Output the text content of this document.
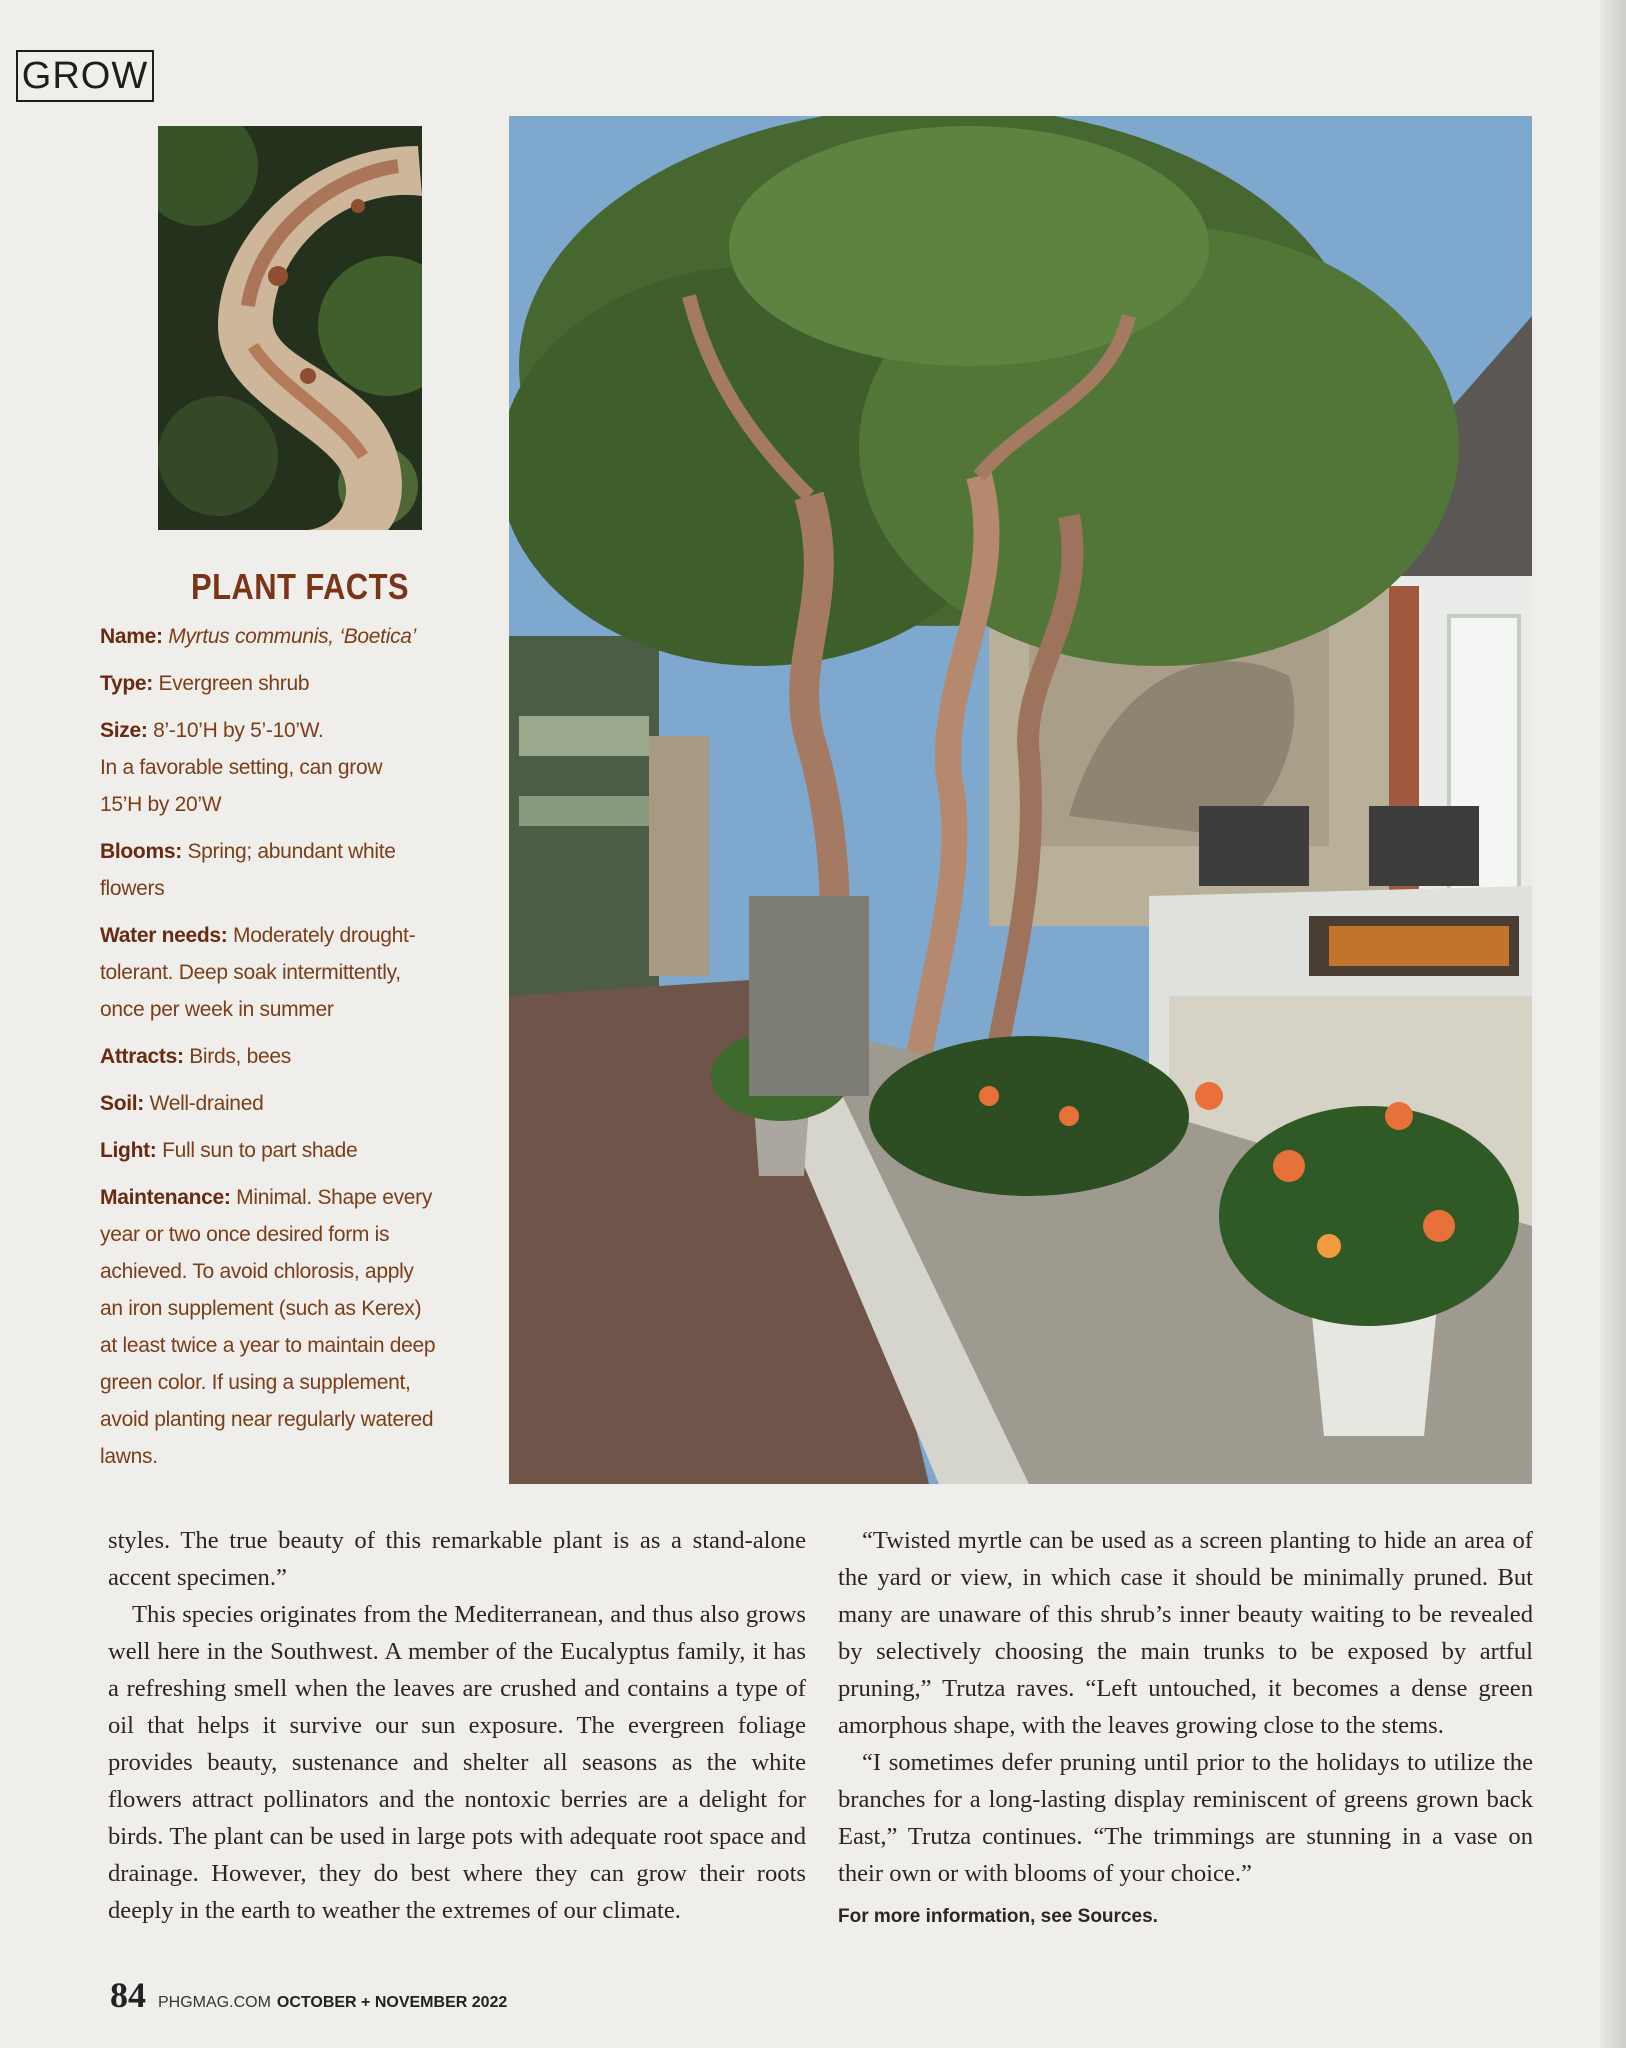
GROW
PLANT FACTS
Name: Myrtus communis, ‘Boetica’
Type: Evergreen shrub
Size: 8’-10’H by 5’-10’W.
In a favorable setting, can grow
15’H by 20’W
Blooms: Spring; abundant white
flowers
Water needs: Moderately drought-
tolerant. Deep soak intermittently,
once per week in summer
Attracts: Birds, bees
Soil: Well-drained
Light: Full sun to part shade
Maintenance: Minimal. Shape every
year or two once desired form is
achieved. To avoid chlorosis, apply
an iron supplement (such as Kerex)
at least twice a year to maintain deep
green color. If using a supplement,
avoid planting near regularly watered
lawns.

styles. The true beauty of this remarkable plant is as a stand-alone accent specimen.”

This species originates from the Mediterranean, and thus also grows well here in the Southwest. A member of the Eucalyptus family, it has a refreshing smell when the leaves are crushed and contains a type of oil that helps it survive our sun exposure. The evergreen foliage provides beauty, sustenance and shelter all seasons as the white flowers attract pollinators and the nontoxic berries are a delight for birds. The plant can be used in large pots with adequate root space and drainage. However, they do best where they can grow their roots deeply in the earth to weather the extremes of our climate.

“Twisted myrtle can be used as a screen planting to hide an area of the yard or view, in which case it should be minimally pruned. But many are unaware of this shrub’s inner beauty waiting to be revealed by selectively choosing the main trunks to be exposed by artful pruning,” Trutza raves. “Left untouched, it becomes a dense green amorphous shape, with the leaves growing close to the stems.

“I sometimes defer pruning until prior to the holidays to utilize the branches for a long-lasting display reminiscent of greens grown back East,” Trutza continues. “The trimmings are stunning in a vase on their own or with blooms of your choice.”

For more information, see Sources.

84 PHGMAG.COM OCTOBER + NOVEMBER 2022
